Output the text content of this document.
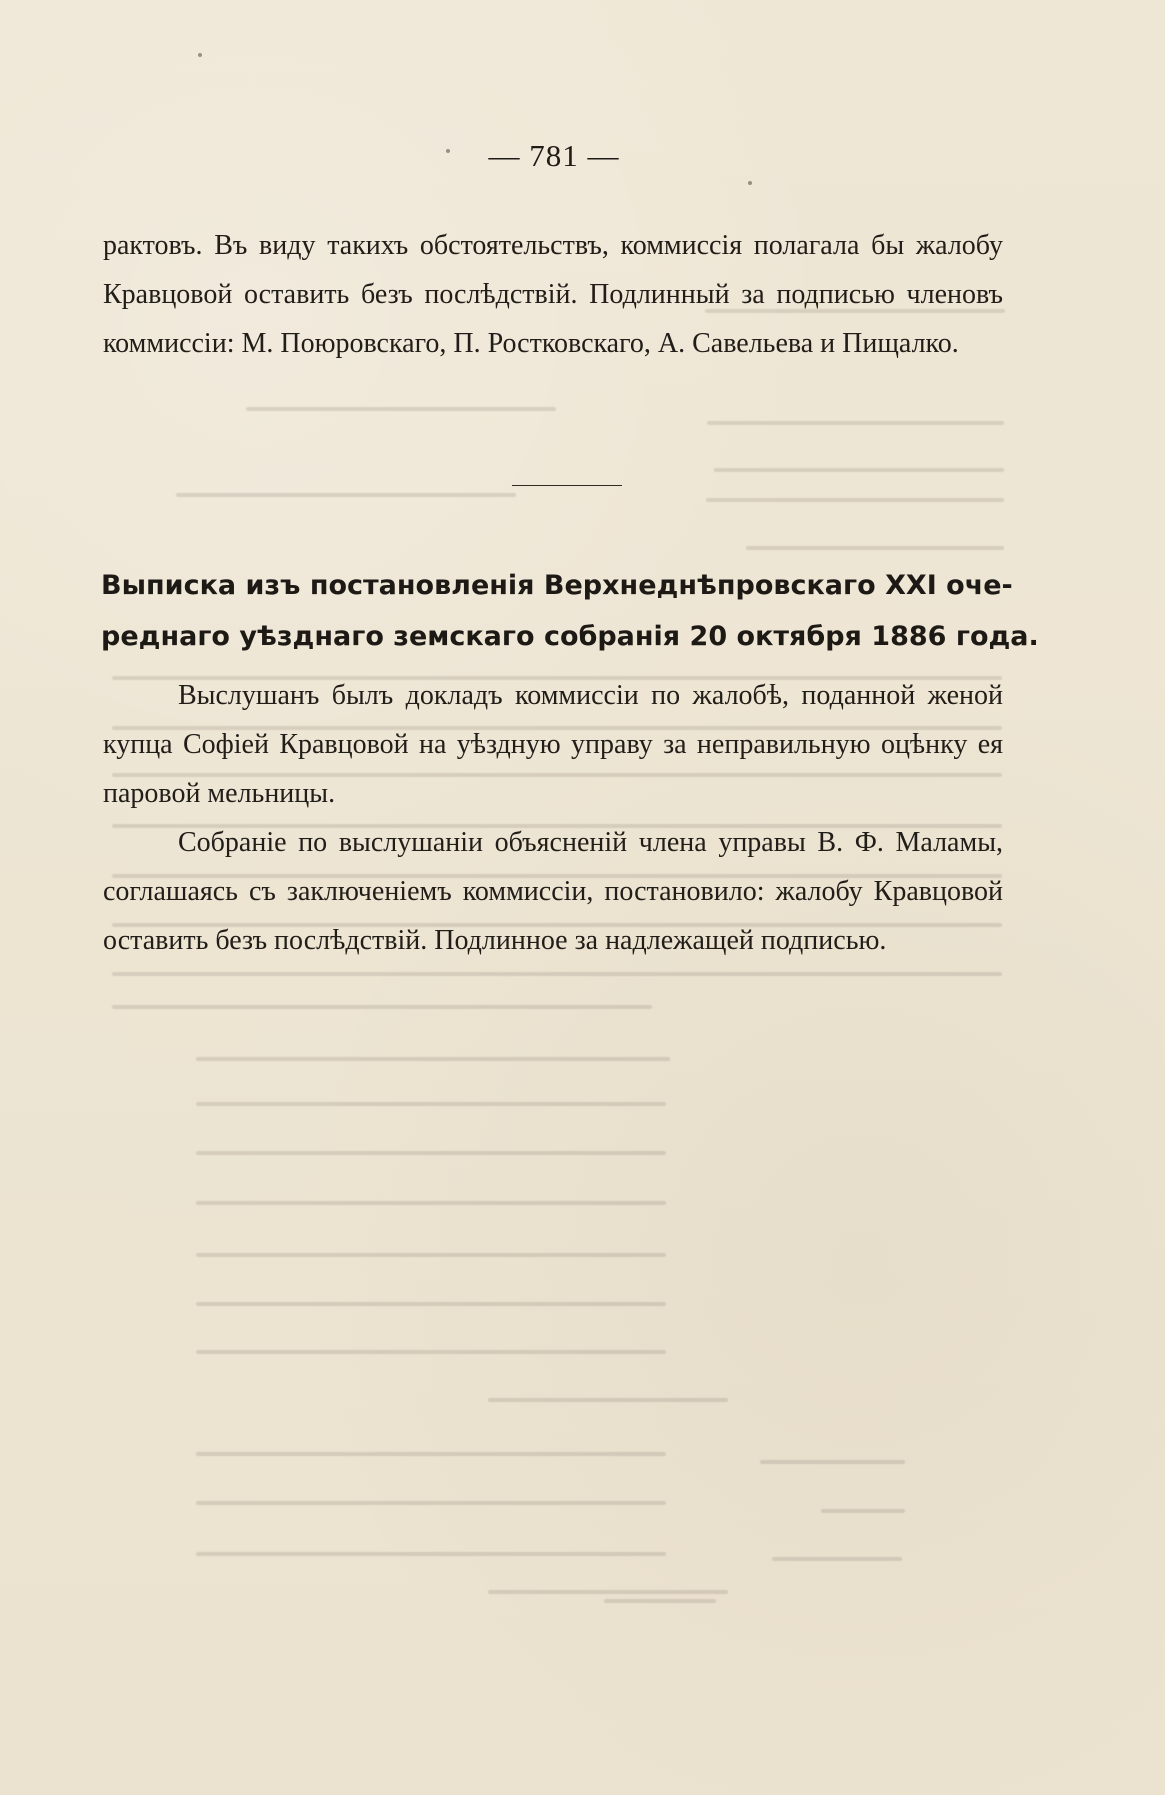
— 781 —

рактовъ. Въ виду такихъ обстоятельствъ, коммиссія полагала бы жалобу Кравцовой оставить безъ послѣдствій. Подлинный за подписью членовъ коммиссіи: М. Поюровскаго, П. Ростковскаго, А. Савельева и Пищалко.

Выписка изъ постановленія Верхнеднѣпровскаго XXI оче-
реднаго уѣзднаго земскаго собранія 20 октября 1886 года.

Выслушанъ былъ докладъ коммиссіи по жалобѣ, поданной женой купца Софіей Кравцовой на уѣздную управу за неправильную оцѣнку ея паровой мельницы.

Собраніе по выслушаніи объясненій члена управы В. Ф. Маламы, соглашаясь съ заключеніемъ коммиссіи, постановило: жалобу Кравцовой оставить безъ послѣдствій. Подлинное за надлежащей подписью.
